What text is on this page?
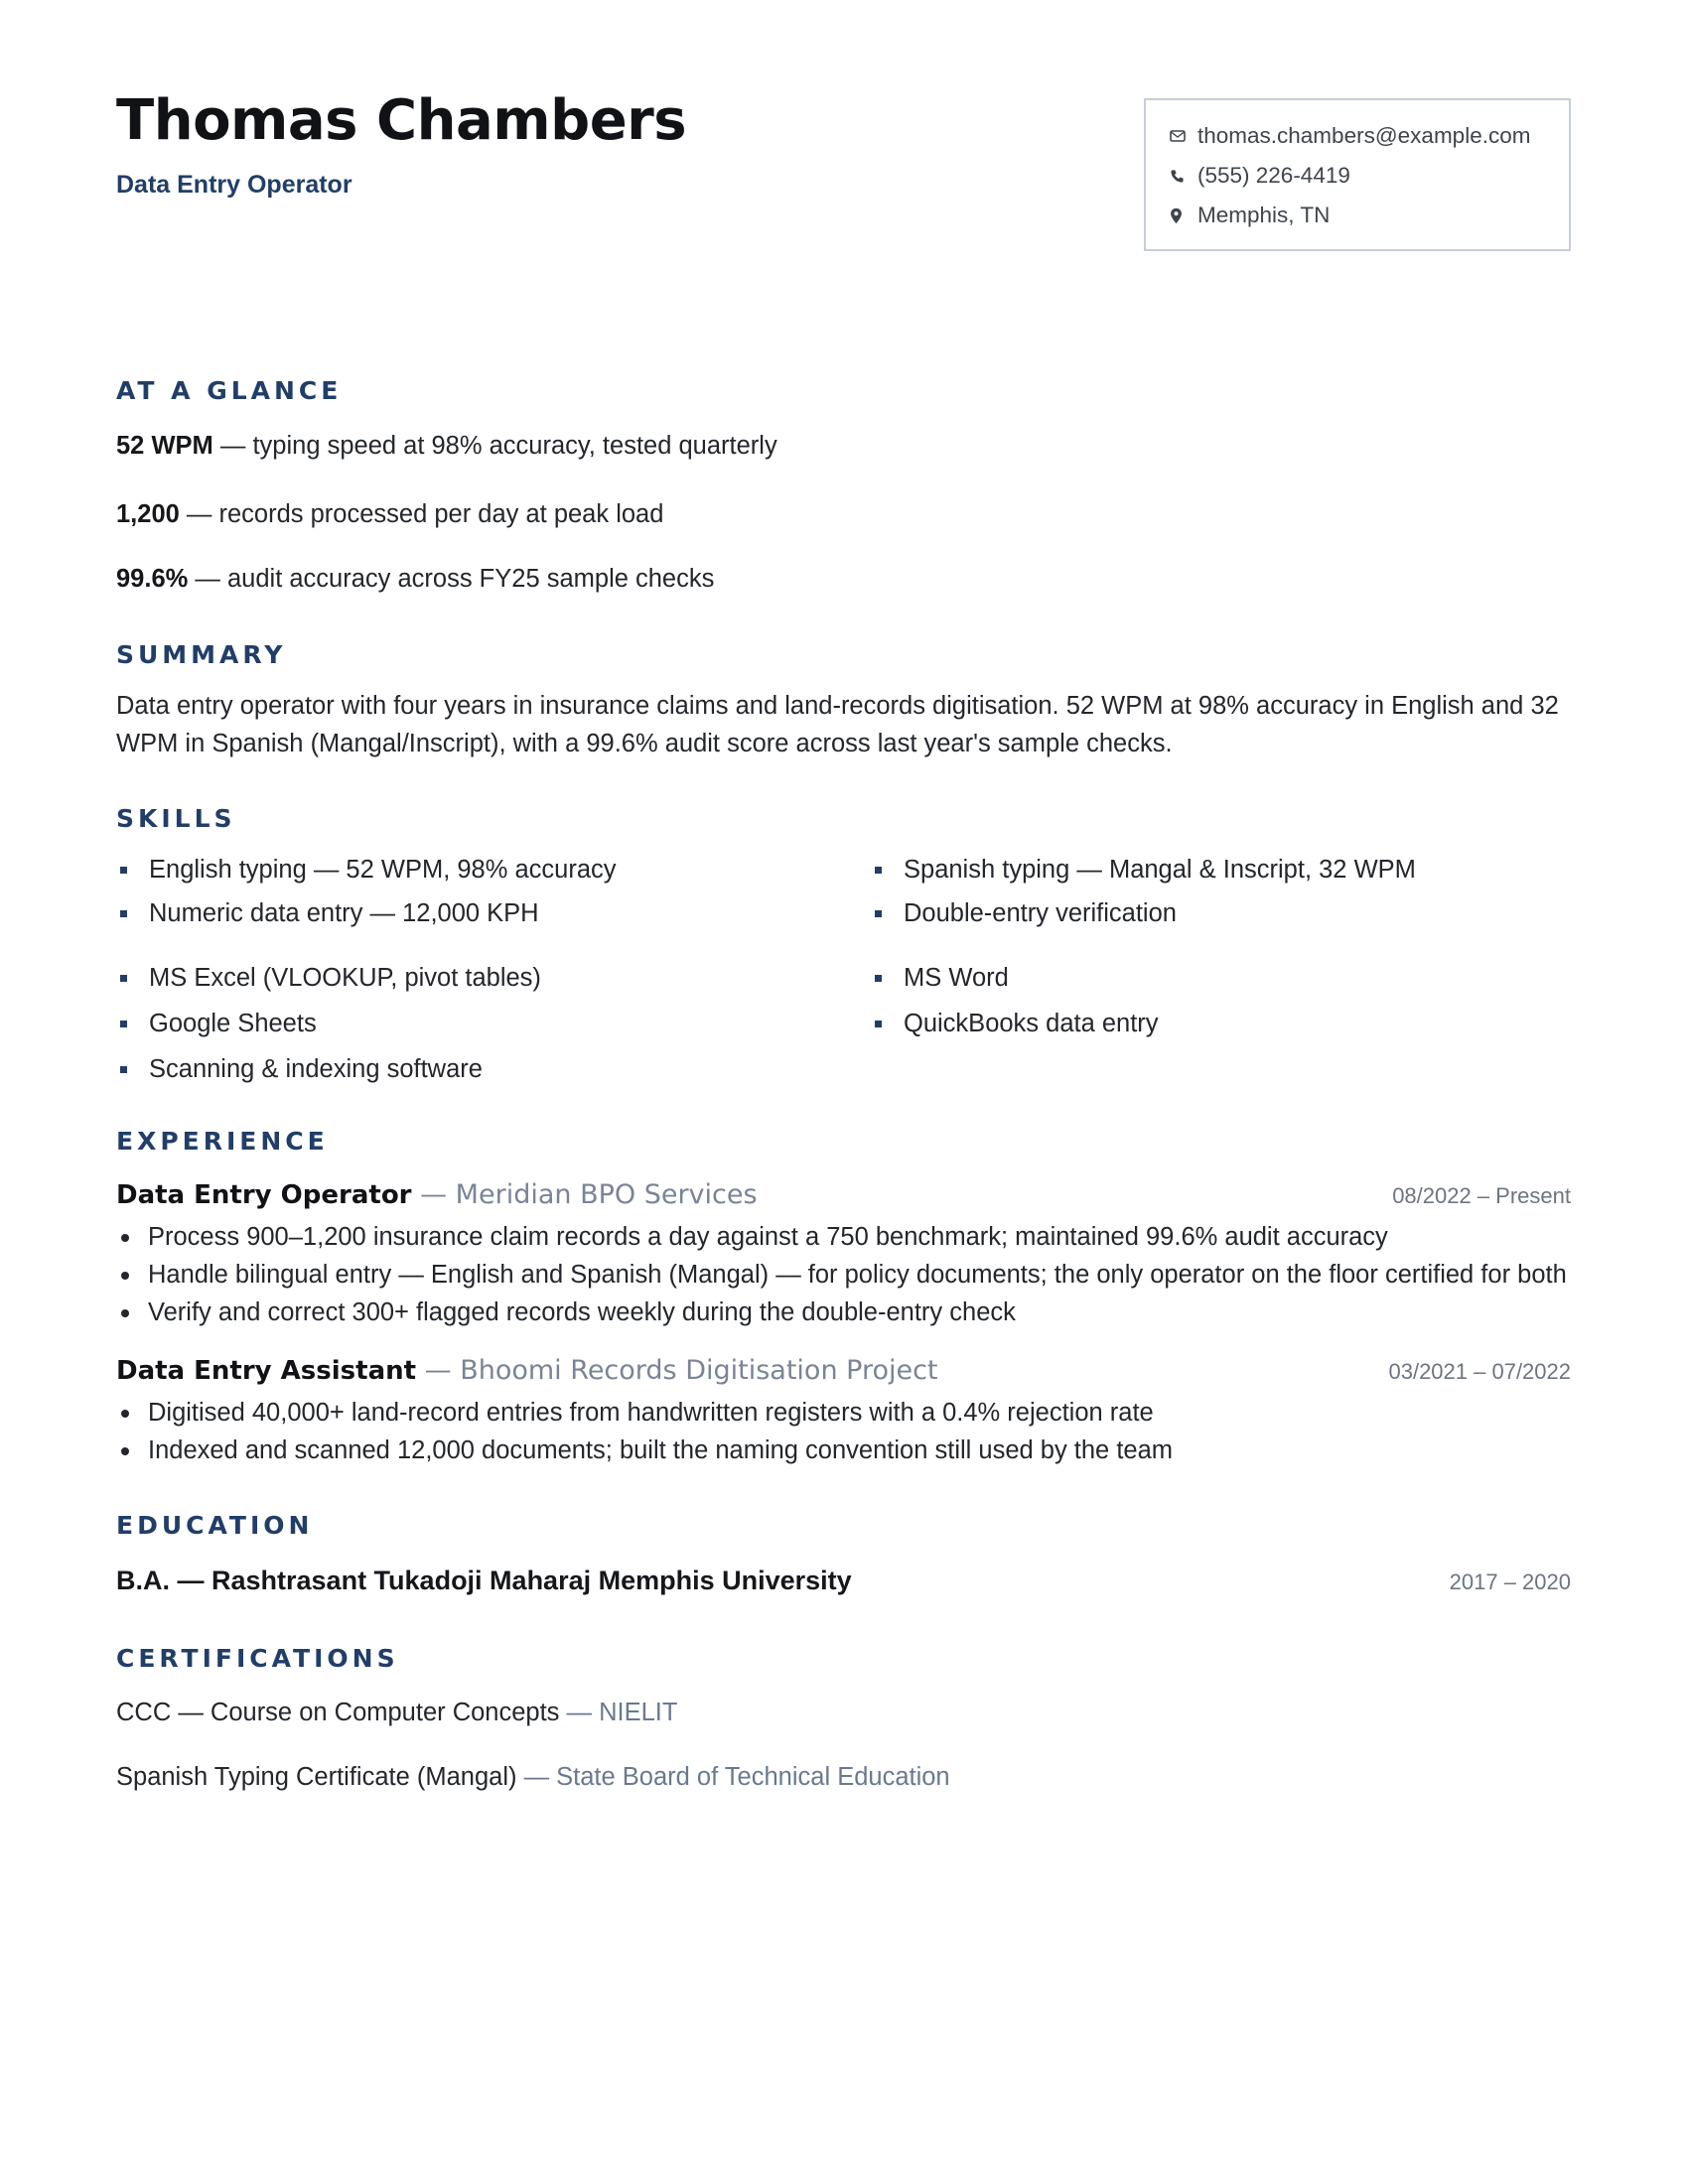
Thomas Chambers
Data Entry Operator
thomas.chambers@example.com
(555) 226-4419
Memphis, TN
AT A GLANCE
52 WPM — typing speed at 98% accuracy, tested quarterly
1,200 — records processed per day at peak load
99.6% — audit accuracy across FY25 sample checks
SUMMARY

Data entry operator with four years in insurance claims and land-records digitisation. 52 WPM at 98% accuracy in English and 32 WPM in Spanish (Mangal/Inscript), with a 99.6% audit score across last year's sample checks.

SKILLS
English typing — 52 WPM, 98% accuracy	Spanish typing — Mangal & Inscript, 32 WPM
Numeric data entry — 12,000 KPH	Double-entry verification
MS Excel (VLOOKUP, pivot tables)	MS Word
Google Sheets	QuickBooks data entry
Scanning & indexing software
EXPERIENCE
Data Entry Operator — Meridian BPO Services	08/2022 – Present
Process 900–1,200 insurance claim records a day against a 750 benchmark; maintained 99.6% audit accuracy
Handle bilingual entry — English and Spanish (Mangal) — for policy documents; the only operator on the floor certified for both
Verify and correct 300+ flagged records weekly during the double-entry check
Data Entry Assistant — Bhoomi Records Digitisation Project	03/2021 – 07/2022
Digitised 40,000+ land-record entries from handwritten registers with a 0.4% rejection rate
Indexed and scanned 12,000 documents; built the naming convention still used by the team
EDUCATION
B.A. — Rashtrasant Tukadoji Maharaj Memphis University	2017 – 2020
CERTIFICATIONS
CCC — Course on Computer Concepts — NIELIT
Spanish Typing Certificate (Mangal) — State Board of Technical Education
